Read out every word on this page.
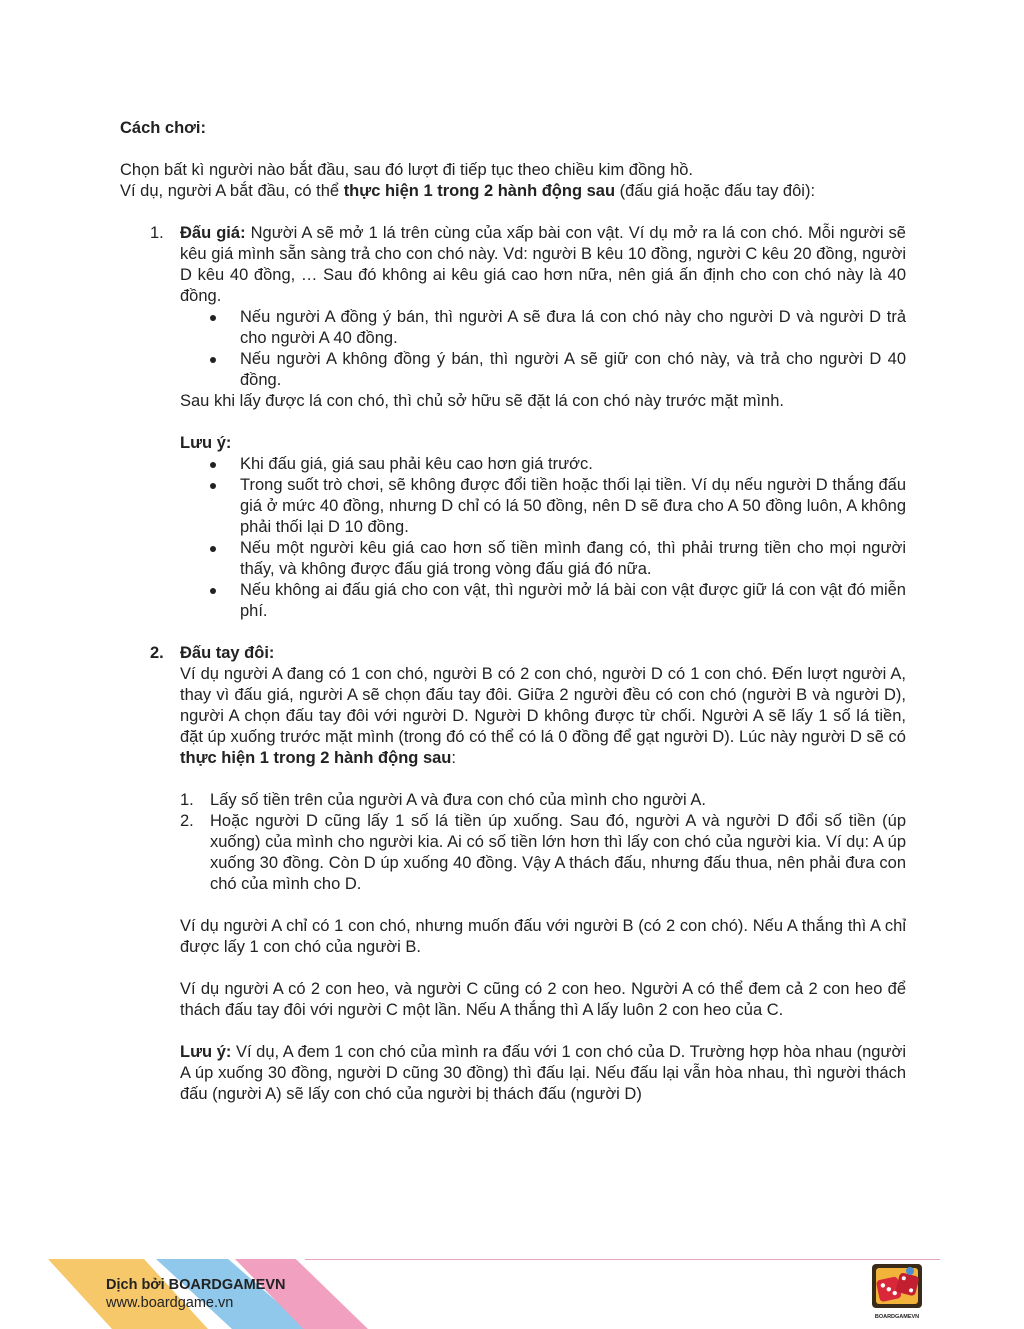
Cách chơi:

Chọn bất kì người nào bắt đầu, sau đó lượt đi tiếp tục theo chiều kim đồng hồ.

Ví dụ, người A bắt đầu, có thể thực hiện 1 trong 2 hành động sau (đấu giá hoặc đấu tay đôi):

1. Đấu giá: Người A sẽ mở 1 lá trên cùng của xấp bài con vật. Ví dụ mở ra lá con chó. Mỗi người sẽ kêu giá mình sẵn sàng trả cho con chó này. Vd: người B kêu 10 đồng, người C kêu 20 đồng, người D kêu 40 đồng, … Sau đó không ai kêu giá cao hơn nữa, nên giá ấn định cho con chó này là 40 đồng.

Nếu người A đồng ý bán, thì người A sẽ đưa lá con chó này cho người D và người D trả cho người A 40 đồng.
Nếu người A không đồng ý bán, thì người A sẽ giữ con chó này, và trả cho người D 40 đồng.

Sau khi lấy được lá con chó, thì chủ sở hữu sẽ đặt lá con chó này trước mặt mình.

Lưu ý:

Khi đấu giá, giá sau phải kêu cao hơn giá trước.
Trong suốt trò chơi, sẽ không được đổi tiền hoặc thối lại tiền. Ví dụ nếu người D thắng đấu giá ở mức 40 đồng, nhưng D chỉ có lá 50 đồng, nên D sẽ đưa cho A 50 đồng luôn, A không phải thối lại D 10 đồng.
Nếu một người kêu giá cao hơn số tiền mình đang có, thì phải trưng tiền cho mọi người thấy, và không được đấu giá trong vòng đấu giá đó nữa.
Nếu không ai đấu giá cho con vật, thì người mở lá bài con vật được giữ lá con vật đó miễn phí.
2. Đấu tay đôi:

Ví dụ người A đang có 1 con chó, người B có 2 con chó, người D có 1 con chó. Đến lượt người A, thay vì đấu giá, người A sẽ chọn đấu tay đôi. Giữa 2 người đều có con chó (người B và người D), người A chọn đấu tay đôi với người D. Người D không được từ chối. Người A sẽ lấy 1 số lá tiền, đặt úp xuống trước mặt mình (trong đó có thể có lá 0 đồng để gạt người D). Lúc này người D sẽ có thực hiện 1 trong 2 hành động sau:

1. Lấy số tiền trên của người A và đưa con chó của mình cho người A.
2. Hoặc người D cũng lấy 1 số lá tiền úp xuống. Sau đó, người A và người D đổi số tiền (úp xuống) của mình cho người kia. Ai có số tiền lớn hơn thì lấy con chó của người kia. Ví dụ: A úp xuống 30 đồng. Còn D úp xuống 40 đồng. Vậy A thách đấu, nhưng đấu thua, nên phải đưa con chó của mình cho D.

Ví dụ người A chỉ có 1 con chó, nhưng muốn đấu với người B (có 2 con chó). Nếu A thắng thì A chỉ được lấy 1 con chó của người B.

Ví dụ người A có 2 con heo, và người C cũng có 2 con heo. Người A có thể đem cả 2 con heo để thách đấu tay đôi với người C một lần. Nếu A thắng thì A lấy luôn 2 con heo của C.

Lưu ý: Ví dụ, A đem 1 con chó của mình ra đấu với 1 con chó của D. Trường hợp hòa nhau (người A úp xuống 30 đồng, người D cũng 30 đồng) thì đấu lại. Nếu đấu lại vẫn hòa nhau, thì người thách đấu (người A) sẽ lấy con chó của người bị thách đấu (người D)

Dịch bởi BOARDGAMEVN
www.boardgame.vn
BOARDGAMEVN
